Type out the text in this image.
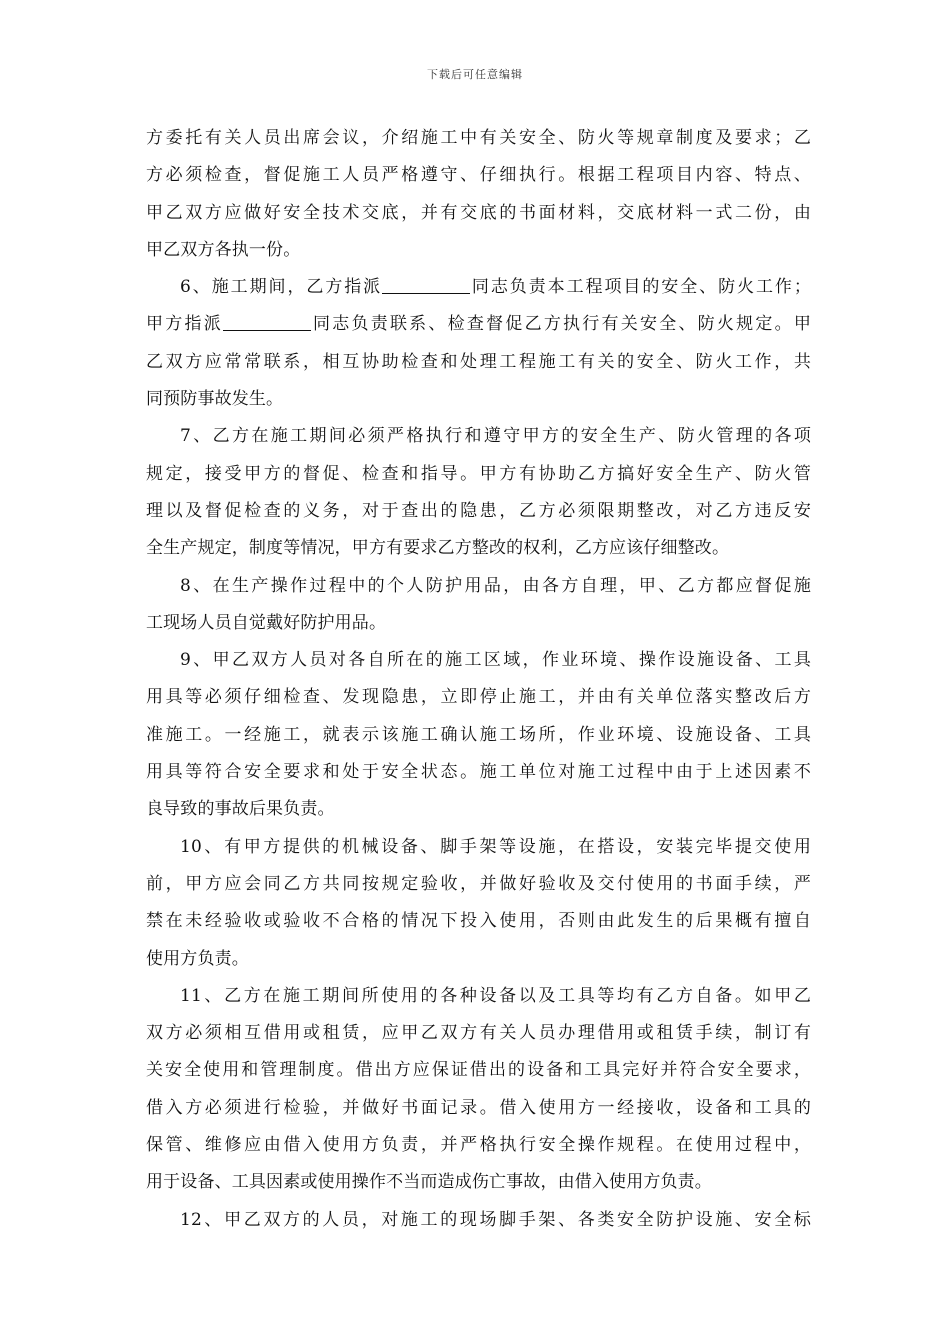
下载后可任意编辑
方委托有关人员出席会议，介绍施工中有关安全、防火等规章制度及要求；乙
方必须检查，督促施工人员严格遵守、仔细执行。根据工程项目内容、特点、
甲乙双方应做好安全技术交底，并有交底的书面材料，交底材料一式二份，由
甲乙双方各执一份。
6、施工期间，乙方指派	同志负责本工程项目的安全、防火工作；
甲方指派	同志负责联系、检查督促乙方执行有关安全、防火规定。甲
乙双方应常常联系，相互协助检查和处理工程施工有关的安全、防火工作，共
同预防事故发生。
7、乙方在施工期间必须严格执行和遵守甲方的安全生产、防火管理的各项
规定，接受甲方的督促、检查和指导。甲方有协助乙方搞好安全生产、防火管
理以及督促检查的义务，对于查出的隐患，乙方必须限期整改，对乙方违反安
全生产规定，制度等情况，甲方有要求乙方整改的权利，乙方应该仔细整改。
8、在生产操作过程中的个人防护用品，由各方自理，甲、乙方都应督促施
工现场人员自觉戴好防护用品。
9、甲乙双方人员对各自所在的施工区域，作业环境、操作设施设备、工具
用具等必须仔细检查、发现隐患，立即停止施工，并由有关单位落实整改后方
准施工。一经施工，就表示该施工确认施工场所，作业环境、设施设备、工具
用具等符合安全要求和处于安全状态。施工单位对施工过程中由于上述因素不
良导致的事故后果负责。
10、有甲方提供的机械设备、脚手架等设施，在搭设，安装完毕提交使用
前，甲方应会同乙方共同按规定验收，并做好验收及交付使用的书面手续，严
禁在未经验收或验收不合格的情况下投入使用，否则由此发生的后果概有擅自
使用方负责。
11、乙方在施工期间所使用的各种设备以及工具等均有乙方自备。如甲乙
双方必须相互借用或租赁，应甲乙双方有关人员办理借用或租赁手续，制订有
关安全使用和管理制度。借出方应保证借出的设备和工具完好并符合安全要求，
借入方必须进行检验，并做好书面记录。借入使用方一经接收，设备和工具的
保管、维修应由借入使用方负责，并严格执行安全操作规程。在使用过程中，
用于设备、工具因素或使用操作不当而造成伤亡事故，由借入使用方负责。
12、甲乙双方的人员，对施工的现场脚手架、各类安全防护设施、安全标
